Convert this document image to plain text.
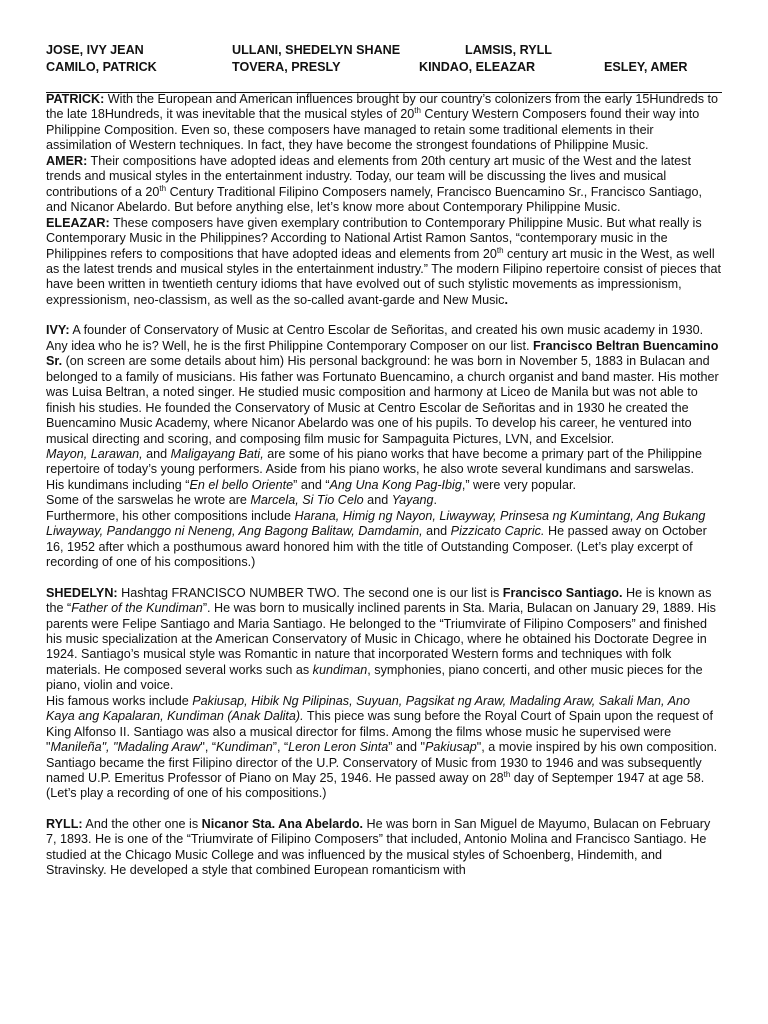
JOSE, IVY JEAN	ULLANI, SHEDELYN SHANE	LAMSIS, RYLL
CAMILO, PATRICK	TOVERA, PRESLY	KINDAO, ELEAZAR	ESLEY, AMER

PATRICK: With the European and American influences brought by our country’s colonizers from the early 15Hundreds to the late 18Hundreds, it was inevitable that the musical styles of 20th Century Western Composers found their way into Philippine Composition. Even so, these composers have managed to retain some traditional elements in their assimilation of Western techniques. In fact, they have become the strongest foundations of Philippine Music.

AMER: Their compositions have adopted ideas and elements from 20th century art music of the West and the latest trends and musical styles in the entertainment industry. Today, our team will be discussing the lives and musical contributions of a 20th Century Traditional Filipino Composers namely, Francisco Buencamino Sr., Francisco Santiago, and Nicanor Abelardo. But before anything else, let’s know more about Contemporary Philippine Music.

ELEAZAR: These composers have given exemplary contribution to Contemporary Philippine Music. But what really is Contemporary Music in the Philippines? According to National Artist Ramon Santos, “contemporary music in the Philippines refers to compositions that have adopted ideas and elements from 20th century art music in the West, as well as the latest trends and musical styles in the entertainment industry.” The modern Filipino repertoire consist of pieces that have been written in twentieth century idioms that have evolved out of such stylistic movements as impressionism, expressionism, neo-classism, as well as the so-called avant-garde and New Music.

IVY: A founder of Conservatory of Music at Centro Escolar de Señoritas, and created his own music academy in 1930. Any idea who he is? Well, he is the first Philippine Contemporary Composer on our list. Francisco Beltran Buencamino Sr. (on screen are some details about him) His personal background: he was born in November 5, 1883 in Bulacan and belonged to a family of musicians. His father was Fortunato Buencamino, a church organist and band master. His mother was Luisa Beltran, a noted singer. He studied music composition and harmony at Liceo de Manila but was not able to finish his studies. He founded the Conservatory of Music at Centro Escolar de Señoritas and in 1930 he created the Buencamino Music Academy, where Nicanor Abelardo was one of his pupils. To develop his career, he ventured into musical directing and scoring, and composing film music for Sampaguita Pictures, LVN, and Excelsior.

Mayon, Larawan, and Maligayang Bati, are some of his piano works that have become a primary part of the Philippine repertoire of today’s young performers. Aside from his piano works, he also wrote several kundimans and sarswelas.

His kundimans including “En el bello Oriente” and “Ang Una Kong Pag-Ibig,” were very popular.

Some of the sarswelas he wrote are Marcela, Si Tio Celo and Yayang.

Furthermore, his other compositions include Harana, Himig ng Nayon, Liwayway, Prinsesa ng Kumintang, Ang Bukang Liwayway, Pandanggo ni Neneng, Ang Bagong Balitaw, Damdamin, and Pizzicato Capric. He passed away on October 16, 1952 after which a posthumous award honored him with the title of Outstanding Composer. (Let’s play excerpt of recording of one of his compositions.)

SHEDELYN: Hashtag FRANCISCO NUMBER TWO. The second one is our list is Francisco Santiago. He is known as the “Father of the Kundiman”. He was born to musically inclined parents in Sta. Maria, Bulacan on January 29, 1889. His parents were Felipe Santiago and Maria Santiago. He belonged to the “Triumvirate of Filipino Composers” and finished his music specialization at the American Conservatory of Music in Chicago, where he obtained his Doctorate Degree in 1924. Santiago’s musical style was Romantic in nature that incorporated Western forms and techniques with folk materials. He composed several works such as kundiman, symphonies, piano concerti, and other music pieces for the piano, violin and voice.

His famous works include Pakiusap, Hibik Ng Pilipinas, Suyuan, Pagsikat ng Araw, Madaling Araw, Sakali Man, Ano Kaya ang Kapalaran, Kundiman (Anak Dalita). This piece was sung before the Royal Court of Spain upon the request of King Alfonso II. Santiago was also a musical director for films. Among the films whose music he supervised were "Manileña", "Madaling Araw", “Kundiman”, “Leron Leron Sinta” and "Pakiusap", a movie inspired by his own composition. Santiago became the first Filipino director of the U.P. Conservatory of Music from 1930 to 1946 and was subsequently named U.P. Emeritus Professor of Piano on May 25, 1946. He passed away on 28th day of Septemper 1947 at age 58. (Let’s play a recording of one of his compositions.)

RYLL: And the other one is Nicanor Sta. Ana Abelardo. He was born in San Miguel de Mayumo, Bulacan on February 7, 1893. He is one of the “Triumvirate of Filipino Composers” that included, Antonio Molina and Francisco Santiago. He studied at the Chicago Music College and was influenced by the musical styles of Schoenberg, Hindemith, and Stravinsky. He developed a style that combined European romanticism with
